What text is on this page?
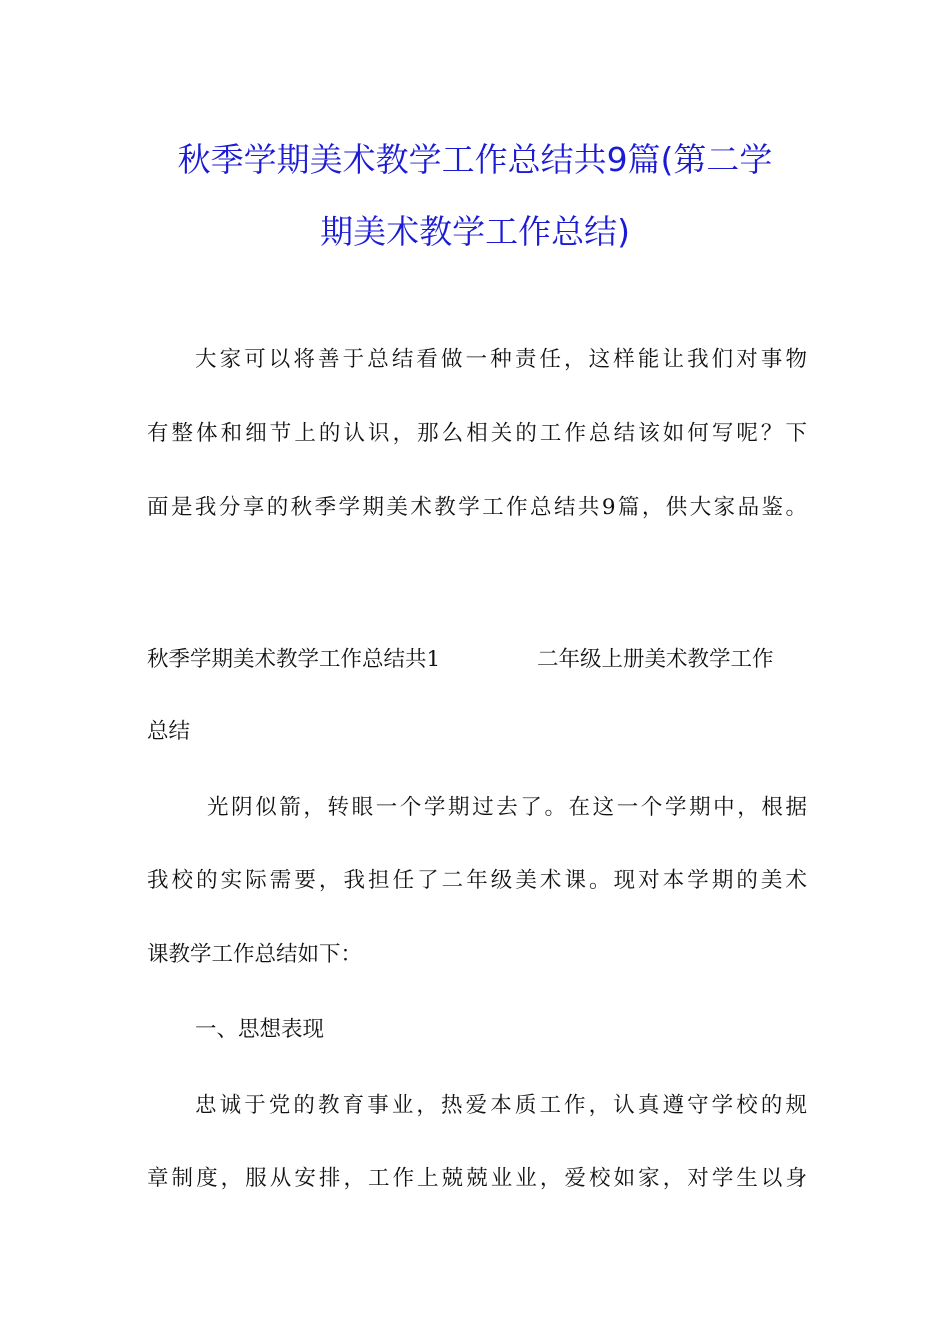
秋季学期美术教学工作总结共9篇(第二学
期美术教学工作总结)
大家可以将善于总结看做一种责任，这样能让我们对事物
有整体和细节上的认识，那么相关的工作总结该如何写呢？下
面是我分享的秋季学期美术教学工作总结共9篇，供大家品鉴。
秋季学期美术教学工作总结共1	二年级上册美术教学工作
总结
光阴似箭，转眼一个学期过去了。在这一个学期中，根据
我校的实际需要，我担任了二年级美术课。现对本学期的美术
课教学工作总结如下：
一、思想表现
忠诚于党的教育事业，热爱本质工作，认真遵守学校的规
章制度，服从安排，工作上兢兢业业，爱校如家，对学生以身
